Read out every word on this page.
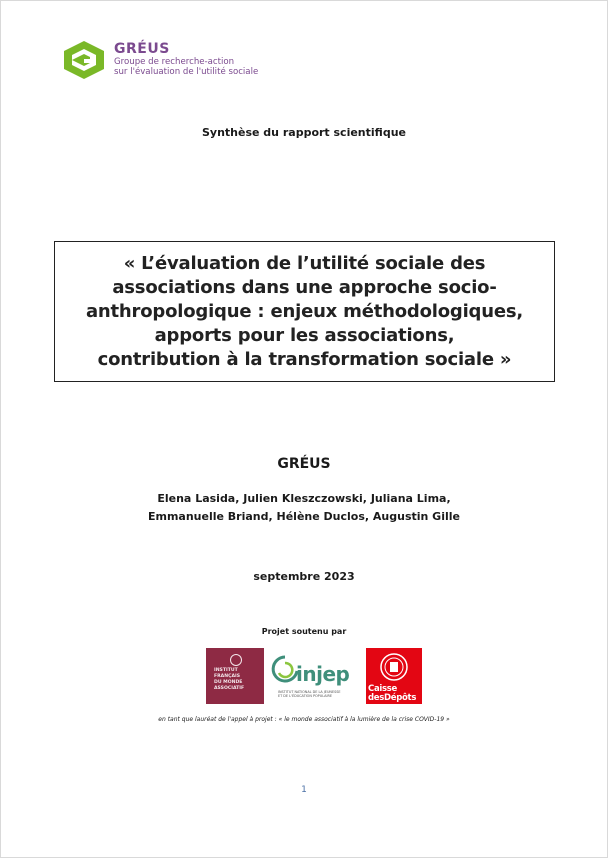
GRÉUS
Groupe de recherche-action
sur l'évaluation de l'utilité sociale
Synthèse du rapport scientifique

« L’évaluation de l’utilité sociale des
associations dans une approche socio-
anthropologique : enjeux méthodologiques,
apports pour les associations,
contribution à la transformation sociale »

GRÉUS
Elena Lasida, Julien Kleszczowski, Juliana Lima,
Emmanuelle Briand, Hélène Duclos, Augustin Gille
septembre 2023
Projet soutenu par
INSTITUT
FRANÇAIS
DU MONDE
ASSOCIATIF
injep
INSTITUT NATIONAL DE LA JEUNESSE
ET DE L'ÉDUCATION POPULAIRE
Caisse
desDépôts
en tant que lauréat de l'appel à projet : « le monde associatif à la lumière de la crise COVID-19 »
1
